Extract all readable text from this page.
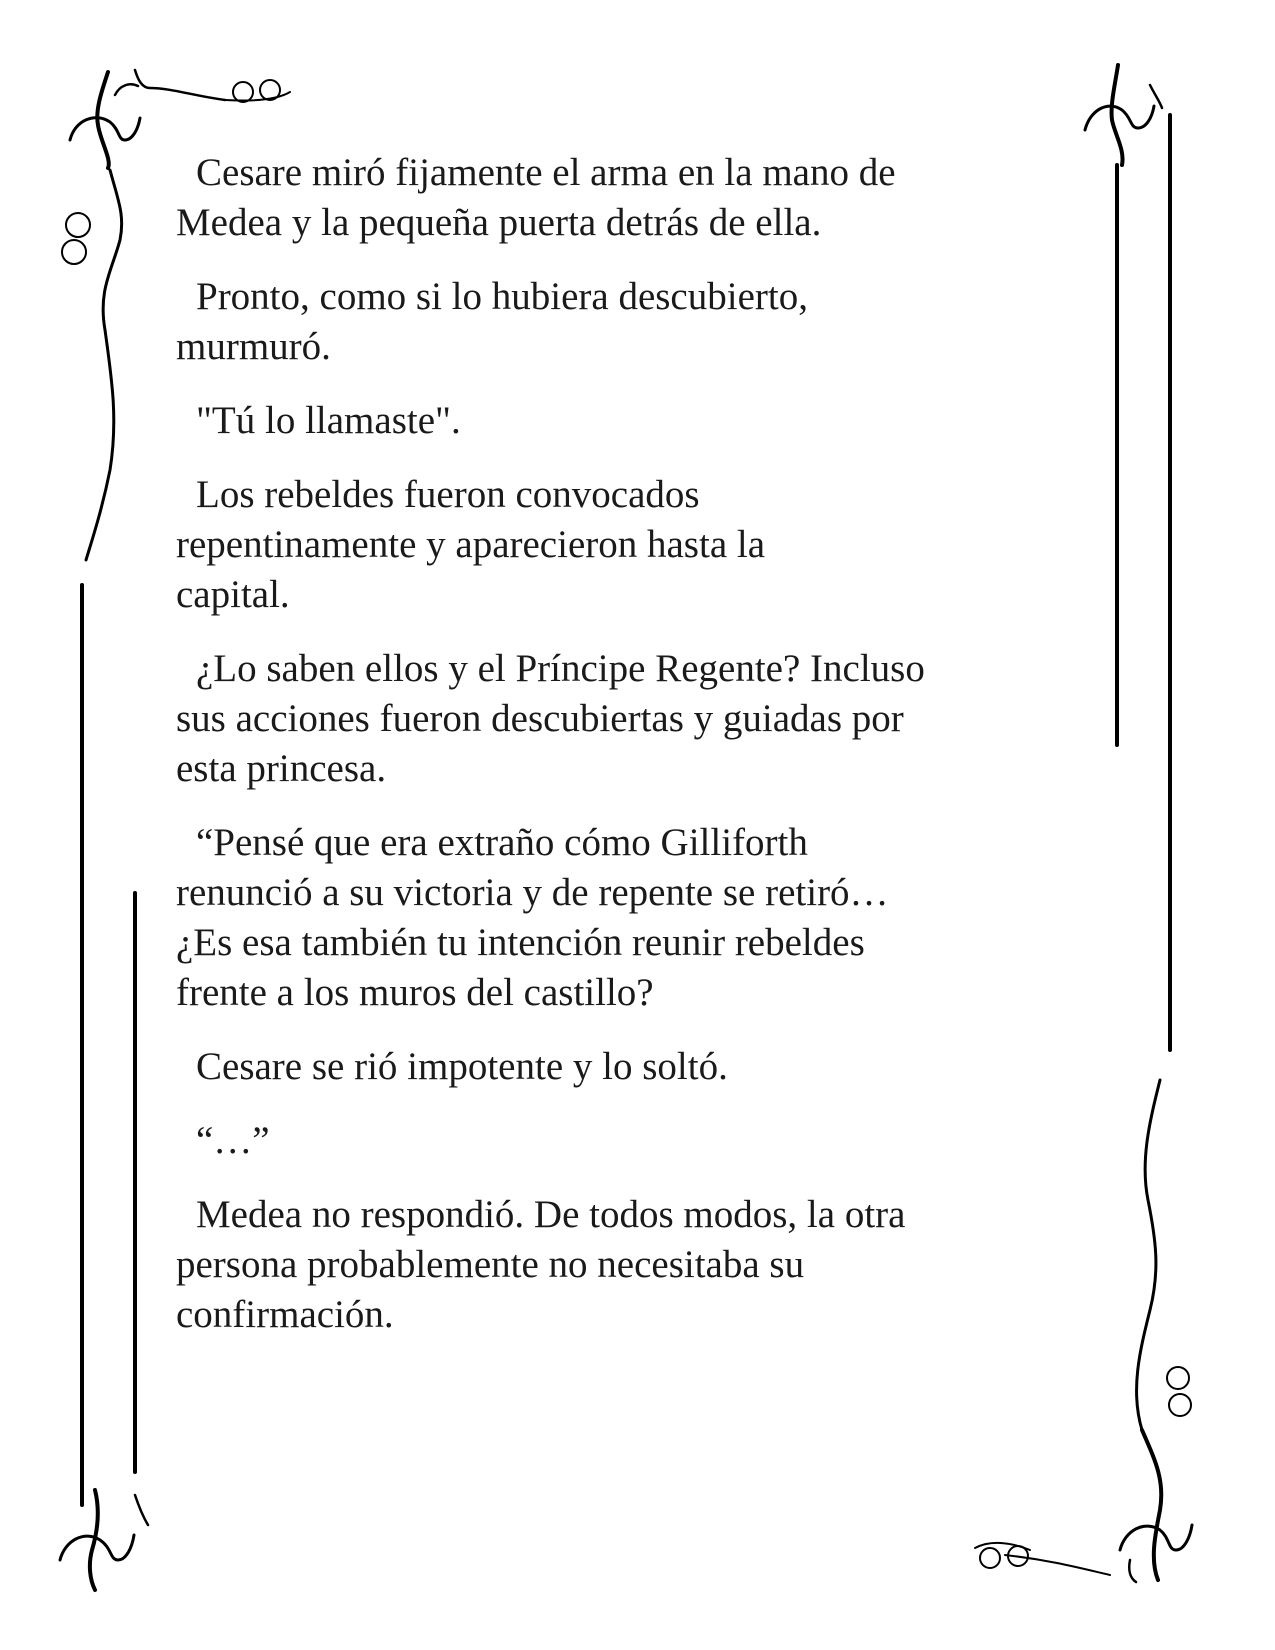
Cesare miró fijamente el arma en la mano de
Medea y la pequeña puerta detrás de ella.

Pronto, como si lo hubiera descubierto,
murmuró.

"Tú lo llamaste".

Los rebeldes fueron convocados
repentinamente y aparecieron hasta la
capital.

¿Lo saben ellos y el Príncipe Regente? Incluso
sus acciones fueron descubiertas y guiadas por
esta princesa.

“Pensé que era extraño cómo Gilliforth
renunció a su victoria y de repente se retiró…
¿Es esa también tu intención reunir rebeldes
frente a los muros del castillo?

Cesare se rió impotente y lo soltó.

“…”

Medea no respondió. De todos modos, la otra
persona probablemente no necesitaba su
confirmación.
